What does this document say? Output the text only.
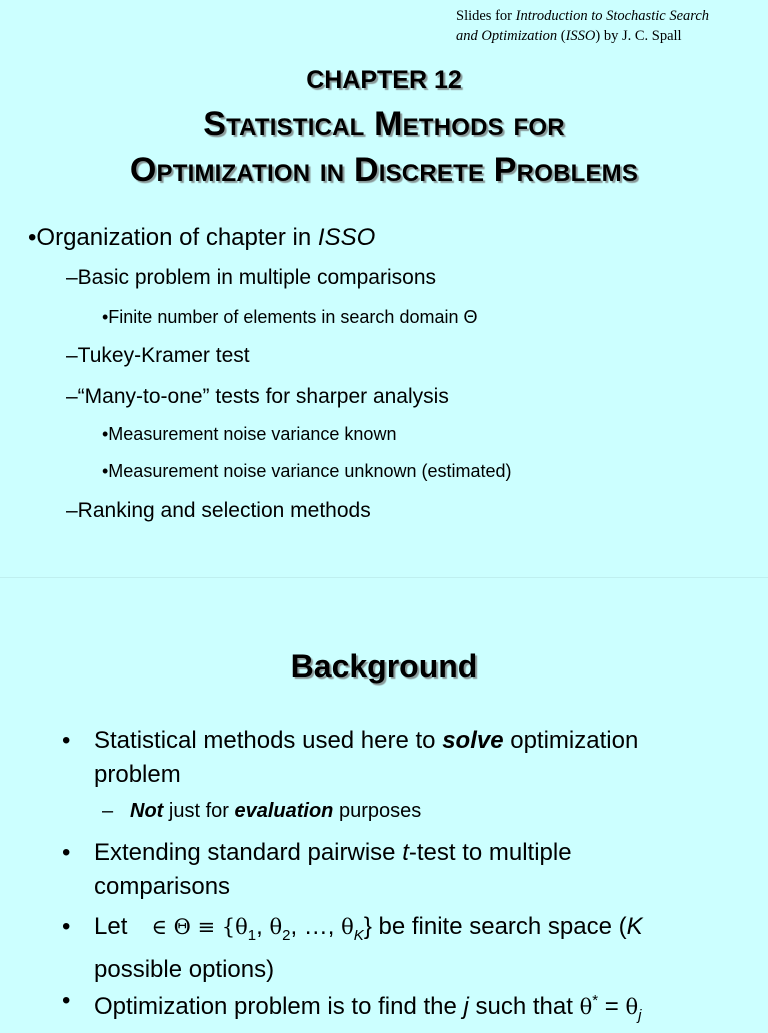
Slides for Introduction to Stochastic Search
and Optimization (ISSO) by J. C. Spall
CHAPTER 12
Statistical Methods for
Optimization in Discrete Problems
•Organization of chapter in ISSO
–Basic problem in multiple comparisons
•Finite number of elements in search domain Θ
–Tukey-Kramer test
–“Many-to-one” tests for sharper analysis
•Measurement noise variance known
•Measurement noise variance unknown (estimated)
–Ranking and selection methods
Background
• Statistical methods used here to solve optimization
problem
– Not just for evaluation purposes
• Extending standard pairwise t-test to multiple
comparisons
• Let ∈ $\Theta \equiv \{\theta_1$, $\theta_2$, …, $\theta_K$} be finite search space (K
possible options)
• Optimization problem is to find the j such that $\theta^* = \theta_j$
